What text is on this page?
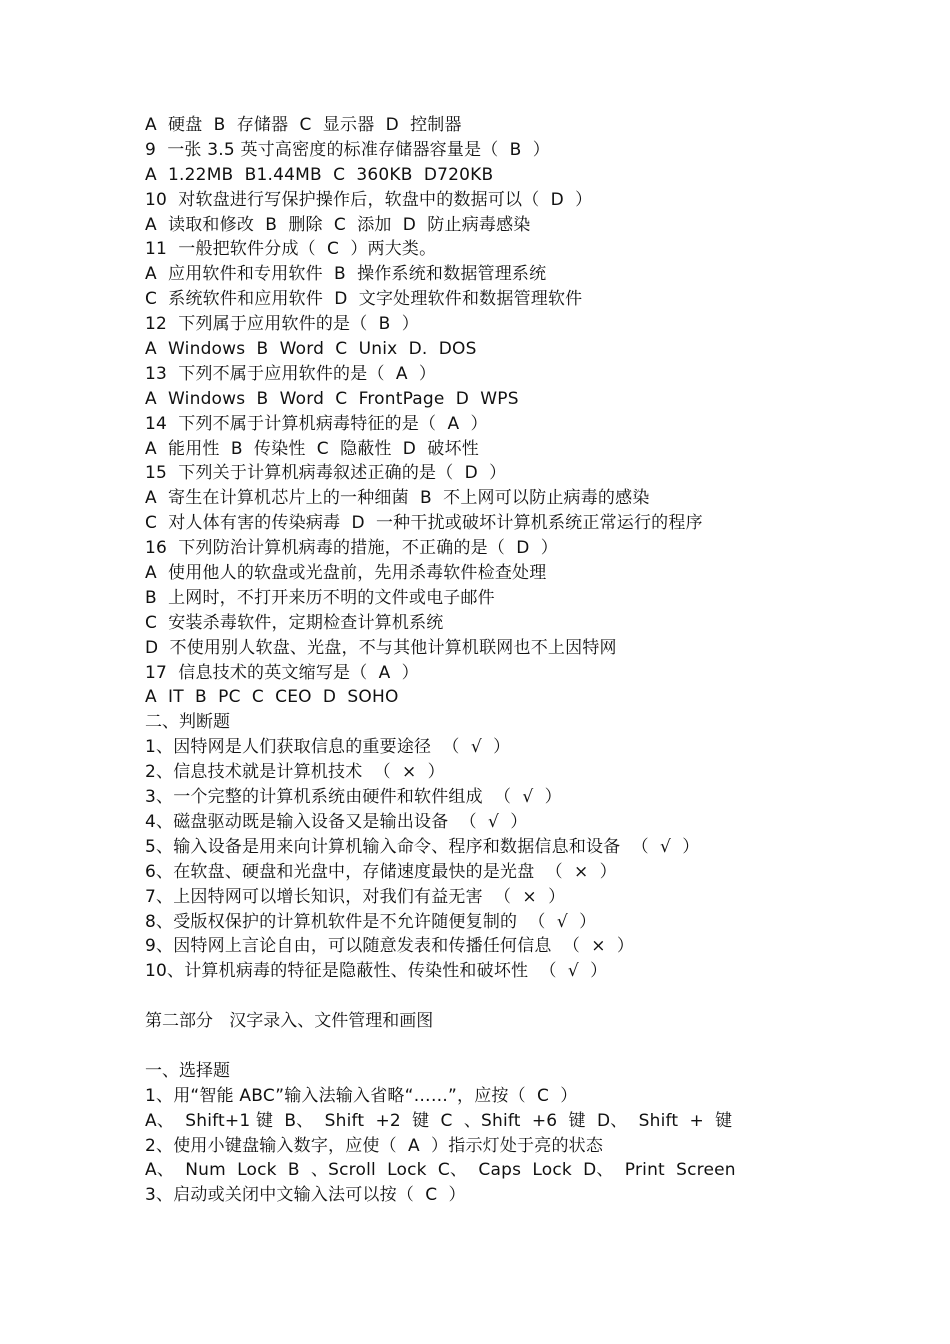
A  硬盘  B  存储器  C  显示器  D  控制器
9  一张 3.5 英寸高密度的标准存储器容量是（  B  ）
A  1.22MB  B1.44MB  C  360KB  D720KB
10  对软盘进行写保护操作后，软盘中的数据可以（  D  ）
A  读取和修改  B  删除  C  添加  D  防止病毒感染
11  一般把软件分成（  C  ）两大类。
A  应用软件和专用软件  B  操作系统和数据管理系统
C  系统软件和应用软件  D  文字处理软件和数据管理软件
12  下列属于应用软件的是（  B  ）
A  Windows  B  Word  C  Unix  D.  DOS
13  下列不属于应用软件的是（  A  ）
A  Windows  B  Word  C  FrontPage  D  WPS
14  下列不属于计算机病毒特征的是（  A  ）
A  能用性  B  传染性  C  隐蔽性  D  破坏性
15  下列关于计算机病毒叙述正确的是（  D  ）
A  寄生在计算机芯片上的一种细菌  B  不上网可以防止病毒的感染
C  对人体有害的传染病毒  D  一种干扰或破坏计算机系统正常运行的程序
16  下列防治计算机病毒的措施，不正确的是（  D  ）
A  使用他人的软盘或光盘前，先用杀毒软件检查处理
B  上网时，不打开来历不明的文件或电子邮件
C  安装杀毒软件，定期检查计算机系统
D  不使用别人软盘、光盘，不与其他计算机联网也不上因特网
17  信息技术的英文缩写是（  A  ）
A  IT  B  PC  C  CEO  D  SOHO
二、判断题
1、因特网是人们获取信息的重要途径  （  √  ）
2、信息技术就是计算机技术  （  ×  ）
3、一个完整的计算机系统由硬件和软件组成  （  √  ）
4、磁盘驱动既是输入设备又是输出设备  （  √  ）
5、输入设备是用来向计算机输入命令、程序和数据信息和设备  （  √  ）
6、在软盘、硬盘和光盘中，存储速度最快的是光盘  （  ×  ）
7、上因特网可以增长知识，对我们有益无害  （  ×  ）
8、受版权保护的计算机软件是不允许随便复制的  （  √  ）
9、因特网上言论自由，可以随意发表和传播任何信息  （  ×  ）
10、计算机病毒的特征是隐蔽性、传染性和破坏性  （  √  ）
第二部分   汉字录入、文件管理和画图
一、选择题
1、用“智能 ABC”输入法输入省略“……”，应按（  C  ）
A、  Shift+1 键  B、  Shift  +2  键  C  、Shift  +6  键  D、  Shift  +  键
2、使用小键盘输入数字，应使（  A  ）指示灯处于亮的状态
A、  Num  Lock  B  、Scroll  Lock  C、  Caps  Lock  D、  Print  Screen
3、启动或关闭中文输入法可以按（  C  ）
